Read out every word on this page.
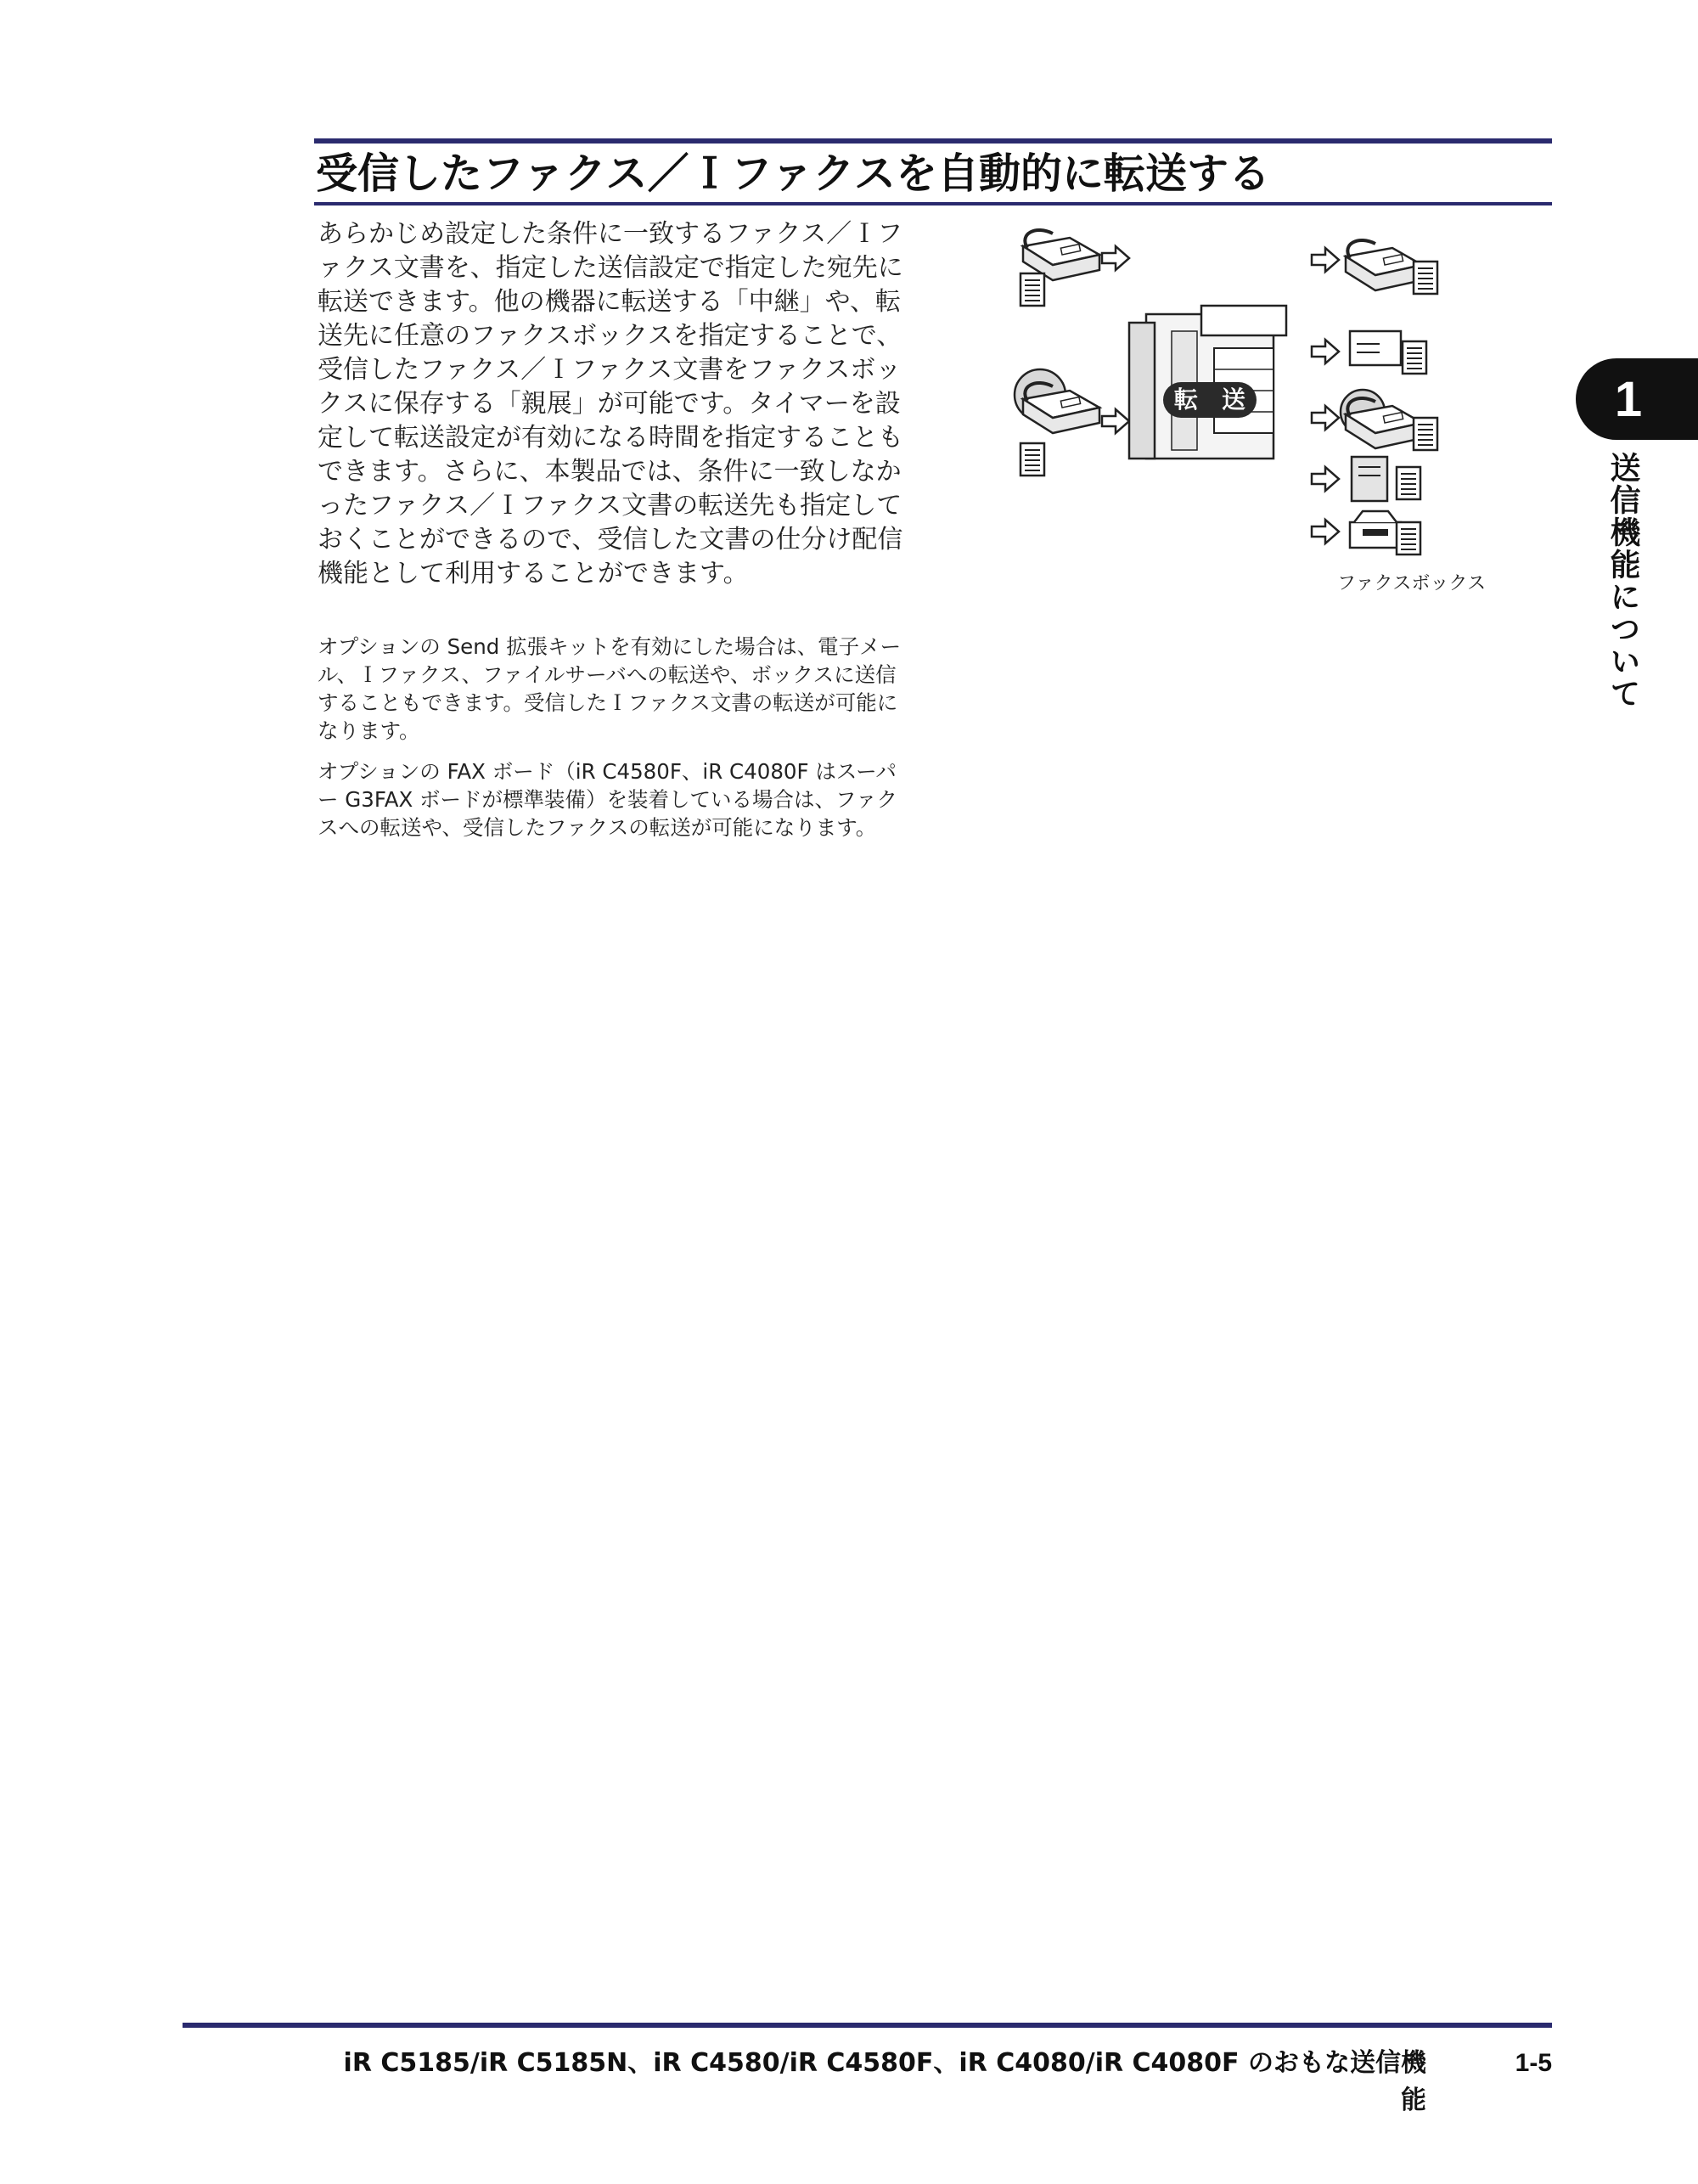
受信したファクス／Ｉファクスを自動的に転送する

あらかじめ設定した条件に一致するファクス／Ｉファクス文書を、指定した送信設定で指定した宛先に転送できます。他の機器に転送する「中継」や、転送先に任意のファクスボックスを指定することで、受信したファクス／Ｉファクス文書をファクスボックスに保存する「親展」が可能です。タイマーを設定して転送設定が有効になる時間を指定することもできます。さらに、本製品では、条件に一致しなかったファクス／Ｉファクス文書の転送先も指定しておくことができるので、受信した文書の仕分け配信機能として利用することができます。

オプションの Send 拡張キットを有効にした場合は、電子メール、Ｉファクス、ファイルサーバへの転送や、ボックスに送信することもできます。受信したＩファクス文書の転送が可能になります。

オプションの FAX ボード（iR C4580F、iR C4080F はスーパー G3FAX ボードが標準装備）を装着している場合は、ファクスへの転送や、受信したファクスの転送が可能になります。

転　送
ファクスボックス
1
送信機能について
iR C5185/iR C5185N、iR C4580/iR C4580F、iR C4080/iR C4080F のおもな送信機能
1-5
